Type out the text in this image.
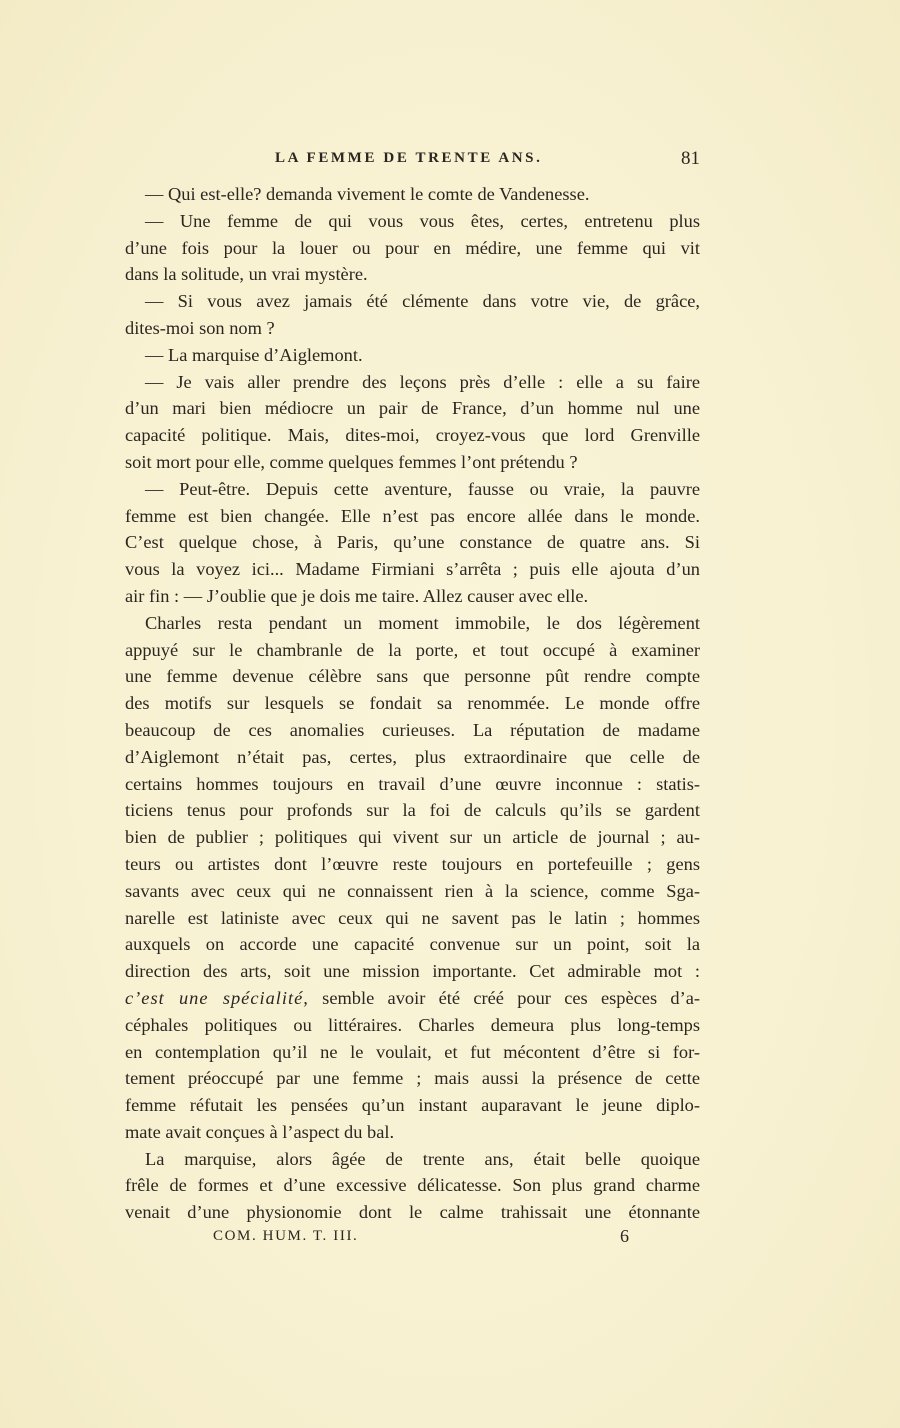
LA FEMME DE TRENTE ANS.	81
— Qui est-elle? demanda vivement le comte de Vandenesse.
— Une femme de qui vous vous êtes, certes, entretenu plus
d’une fois pour la louer ou pour en médire, une femme qui vit
dans la solitude, un vrai mystère.
— Si vous avez jamais été clémente dans votre vie, de grâce,
dites-moi son nom ?
— La marquise d’Aiglemont.
— Je vais aller prendre des leçons près d’elle : elle a su faire
d’un mari bien médiocre un pair de France, d’un homme nul une
capacité politique. Mais, dites-moi, croyez-vous que lord Grenville
soit mort pour elle, comme quelques femmes l’ont prétendu ?
— Peut-être. Depuis cette aventure, fausse ou vraie, la pauvre
femme est bien changée. Elle n’est pas encore allée dans le monde.
C’est quelque chose, à Paris, qu’une constance de quatre ans. Si
vous la voyez ici... Madame Firmiani s’arrêta ; puis elle ajouta d’un
air fin : — J’oublie que je dois me taire. Allez causer avec elle.
Charles resta pendant un moment immobile, le dos légèrement
appuyé sur le chambranle de la porte, et tout occupé à examiner
une femme devenue célèbre sans que personne pût rendre compte
des motifs sur lesquels se fondait sa renommée. Le monde offre
beaucoup de ces anomalies curieuses. La réputation de madame
d’Aiglemont n’était pas, certes, plus extraordinaire que celle de
certains hommes toujours en travail d’une œuvre inconnue : statis-
ticiens tenus pour profonds sur la foi de calculs qu’ils se gardent
bien de publier ; politiques qui vivent sur un article de journal ; au-
teurs ou artistes dont l’œuvre reste toujours en portefeuille ; gens
savants avec ceux qui ne connaissent rien à la science, comme Sga-
narelle est latiniste avec ceux qui ne savent pas le latin ; hommes
auxquels on accorde une capacité convenue sur un point, soit la
direction des arts, soit une mission importante. Cet admirable mot :
c’est une spécialité, semble avoir été créé pour ces espèces d’a-
céphales politiques ou littéraires. Charles demeura plus long-temps
en contemplation qu’il ne le voulait, et fut mécontent d’être si for-
tement préoccupé par une femme ; mais aussi la présence de cette
femme réfutait les pensées qu’un instant auparavant le jeune diplo-
mate avait conçues à l’aspect du bal.
La marquise, alors âgée de trente ans, était belle quoique
frêle de formes et d’une excessive délicatesse. Son plus grand charme
venait d’une physionomie dont le calme trahissait une étonnante
COM. HUM. T. III.	6
